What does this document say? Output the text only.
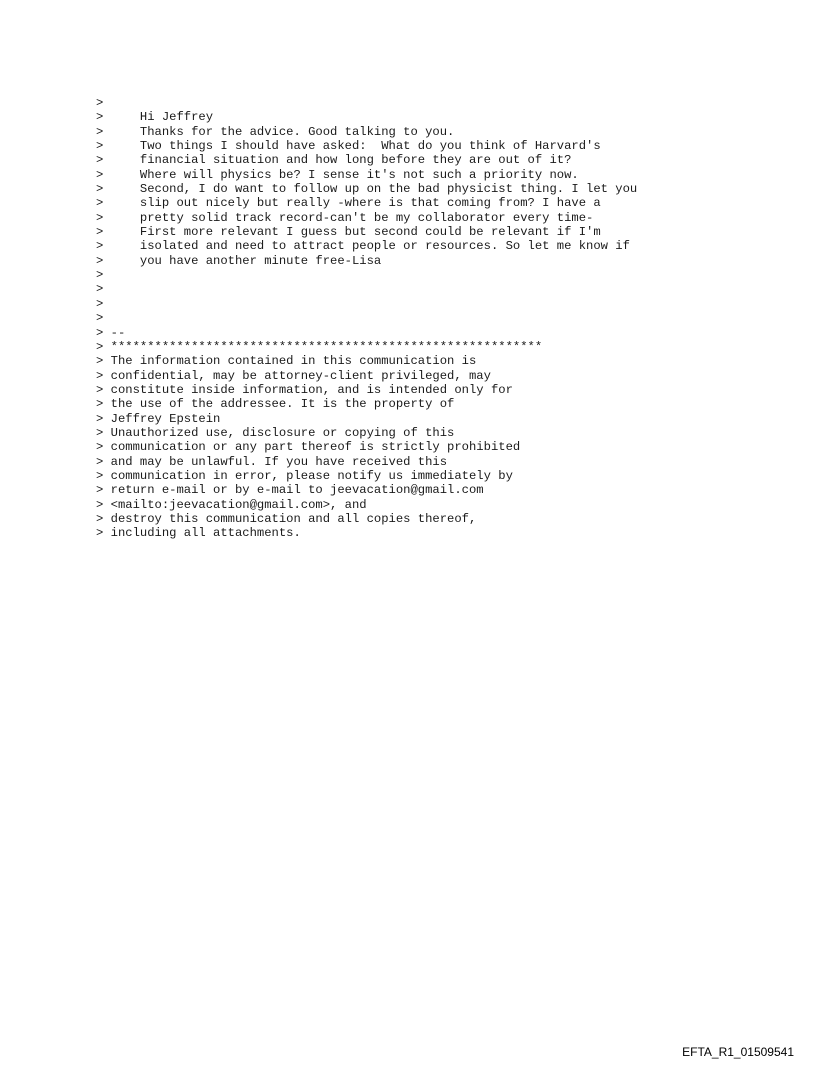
>
>     Hi Jeffrey
>     Thanks for the advice. Good talking to you.
>     Two things I should have asked:  What do you think of Harvard's
>     financial situation and how long before they are out of it?
>     Where will physics be? I sense it's not such a priority now.
>     Second, I do want to follow up on the bad physicist thing. I let you
>     slip out nicely but really -where is that coming from? I have a
>     pretty solid track record-can't be my collaborator every time-
>     First more relevant I guess but second could be relevant if I'm
>     isolated and need to attract people or resources. So let me know if
>     you have another minute free-Lisa
>
>
>
>
> --
> ***********************************************************
> The information contained in this communication is
> confidential, may be attorney-client privileged, may
> constitute inside information, and is intended only for
> the use of the addressee. It is the property of
> Jeffrey Epstein
> Unauthorized use, disclosure or copying of this
> communication or any part thereof is strictly prohibited
> and may be unlawful. If you have received this
> communication in error, please notify us immediately by
> return e-mail or by e-mail to jeevacation@gmail.com
> <mailto:jeevacation@gmail.com>, and
> destroy this communication and all copies thereof,
> including all attachments.
EFTA_R1_01509541
